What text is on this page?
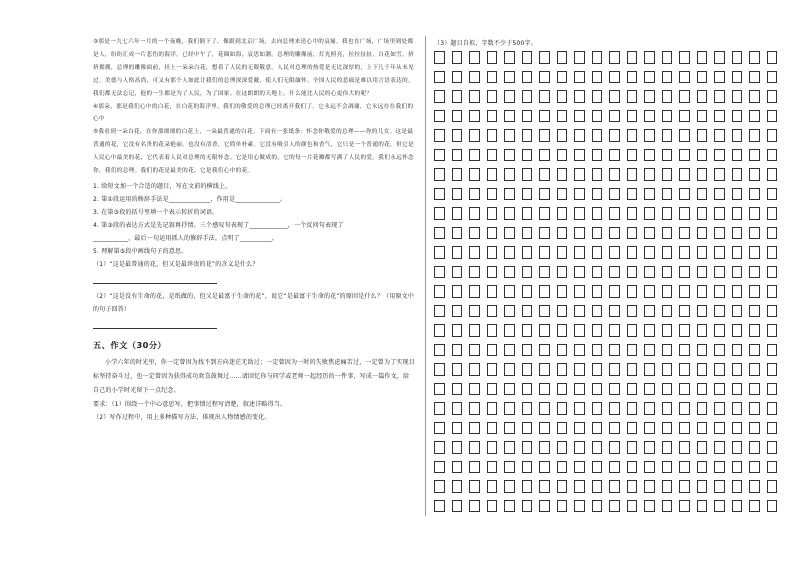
③那是一九七六年一月的一个夜晚，我们倒下了。像跟到北京广场，去向总理来送心中的哀痛。我也在广场，广场里到处都是人，纷纷汇成一片悲伤的海洋。已经中午了，花圈如海，哀思如潮。总理的雕像前，灯光照亮，拉拉扯扯，白花如雪，挤挤拥拥，总理的雕像面前，挂上一朵朵白花，想着了人民的无限敬意。人民对总理的热爱是无比深厚的，上下几千年从未见过。美德与人格高尚，可又有那个人如此让我们的总理深深爱戴，使人们无限缅怀。全国人民的悲痛是难以用言语表达的。我们都无法忘记，他的一生都是为了人民，为了国家。在这朗朗的天地上，什么能比人民的心更伟大的呢？

④那朵，那是我们心中的白花，在白花的海洋里，我们的敬爱的总理已经离开我们了。它永远不会凋谢，它永远存在我们的心中

⑤我看到一朵白花，在你那细细的白花上，一朵最普通的白花。下面有一张纸条：怀念你敬爱的总理——你的儿女。这是最普通的花，它没有名贵的花朵艳丽，也没有清香，它简单朴素。它没有吸引人的颜色和香气，它只是一个普通的花。但它是人民心中最美的花，它代表着人民对总理的无限怀念。它是用心做成的，它的每一片花瓣都写满了人民的爱。我们永远怀念你，我们的总理。我们的花是最美的花，它是我们心中的花。

1. 给短文加一个合适的题目，写在文前的横线上。

2. 第①段运用的修辞手法是_____________，作用是______________。

3. 在第③段的括号里填一个表示转折的词语。

4. 第③段的表达方式是先记叙再抒情。三个感叹句表现了____________，一个反问句表现了

___________。最后一句运用抓人的修辞手法，点明了__________。

5. 理解第⑤段中画线句子的意思。

（1）“这是最普通的花，但又是最珍贵的花”的含义是什么？

（2）“这是没有生命的花，是纸做的，但又是最富于生命的花”，说它“是最富于生命的花”的原因是什么？（用原文中的句子回答）

五、作文（30分）

小学六年的时光里，你一定曾因为找不到方向迷茫无助过；一定曾因为一时的失败焦虑痛苦过，一定曾为了实现目标坚持奋斗过，也一定曾因为获得成功欢喜鼓舞过……请回忆你与同学或老师一起经历的一件事，写成一篇作文，给自己的小学时光留下一点纪念。

要求：（1）围绕一个中心意思写，把事情过程写清楚，叙述详略得当。

（2）写作过程中，用上多种描写方法，体现出人物情感的变化。

（3）题目自拟，字数不少于500字。
